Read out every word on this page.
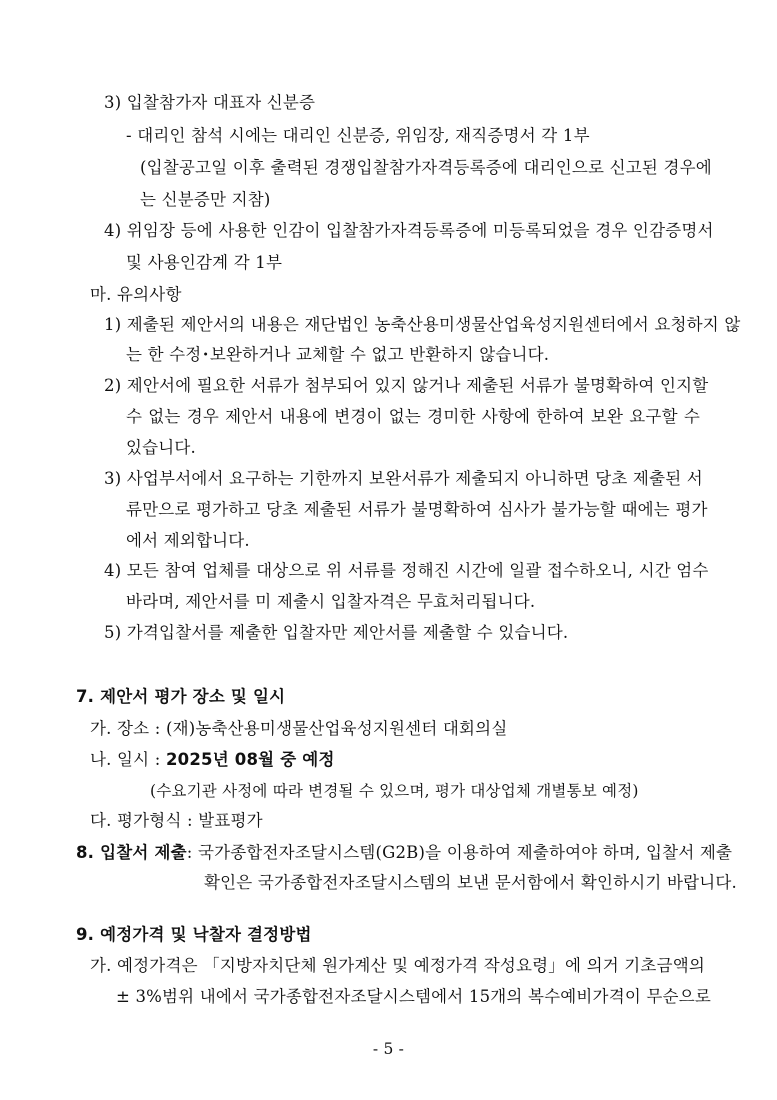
3) 입찰참가자 대표자 신분증
- 대리인 참석 시에는 대리인 신분증, 위임장, 재직증명서 각 1부
(입찰공고일 이후 출력된 경쟁입찰참가자격등록증에 대리인으로 신고된 경우에
는 신분증만 지참)
4) 위임장 등에 사용한 인감이 입찰참가자격등록증에 미등록되었을 경우 인감증명서
및 사용인감계 각 1부
마. 유의사항
1) 제출된 제안서의 내용은 재단법인 농축산용미생물산업육성지원센터에서 요청하지 않
는 한 수정･보완하거나 교체할 수 없고 반환하지 않습니다.
2) 제안서에 필요한 서류가 첨부되어 있지 않거나 제출된 서류가 불명확하여 인지할
수 없는 경우 제안서 내용에 변경이 없는 경미한 사항에 한하여 보완 요구할 수
있습니다.
3) 사업부서에서 요구하는 기한까지 보완서류가 제출되지 아니하면 당초 제출된 서
류만으로 평가하고 당초 제출된 서류가 불명확하여 심사가 불가능할 때에는 평가
에서 제외합니다.
4) 모든 참여 업체를 대상으로 위 서류를 정해진 시간에 일괄 접수하오니, 시간 엄수
바라며, 제안서를 미 제출시 입찰자격은 무효처리됩니다.
5) 가격입찰서를 제출한 입찰자만 제안서를 제출할 수 있습니다.
7. 제안서 평가 장소 및 일시
가. 장소 : (재)농축산용미생물산업육성지원센터 대회의실
나. 일시 : 2025년 08월 중 예정
(수요기관 사정에 따라 변경될 수 있으며, 평가 대상업체 개별통보 예정)
다. 평가형식 : 발표평가
8. 입찰서 제출 : 국가종합전자조달시스템(G2B)을 이용하여 제출하여야 하며, 입찰서 제출
확인은 국가종합전자조달시스템의 보낸 문서함에서 확인하시기 바랍니다.
9. 예정가격 및 낙찰자 결정방법
가. 예정가격은 「지방자치단체 원가계산 및 예정가격 작성요령」에 의거 기초금액의
± 3%범위 내에서 국가종합전자조달시스템에서 15개의 복수예비가격이 무순으로
- 5 -
